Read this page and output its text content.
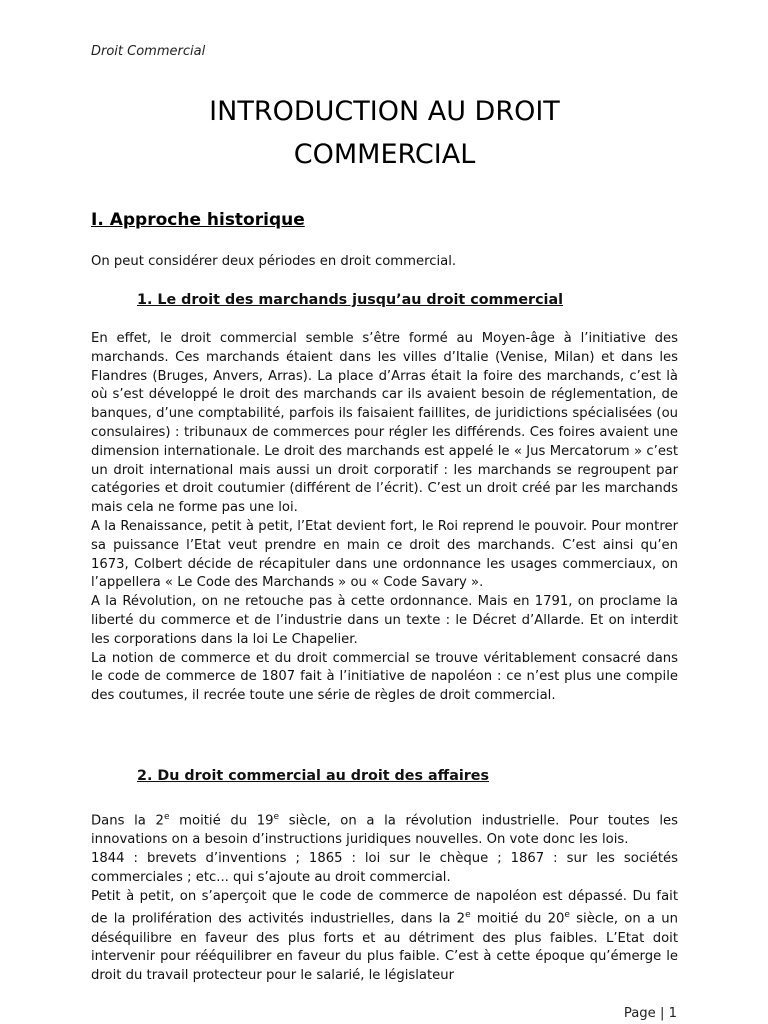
Droit Commercial
INTRODUCTION AU DROIT
COMMERCIAL
I. Approche historique

On peut considérer deux périodes en droit commercial.

1. Le droit des marchands jusqu’au droit commercial

En effet, le droit commercial semble s’être formé au Moyen-âge à l’initiative des marchands. Ces marchands étaient dans les villes d’Italie (Venise, Milan) et dans les Flandres (Bruges, Anvers, Arras). La place d’Arras était la foire des marchands, c’est là où s’est développé le droit des marchands car ils avaient besoin de réglementation, de banques, d’une comptabilité, parfois ils faisaient faillites, de juridictions spécialisées (ou consulaires) : tribunaux de commerces pour régler les différends. Ces foires avaient une dimension internationale. Le droit des marchands est appelé le « Jus Mercatorum » c’est un droit international mais aussi un droit corporatif : les marchands se regroupent par catégories et droit coutumier (différent de l’écrit). C’est un droit créé par les marchands mais cela ne forme pas une loi.

A la Renaissance, petit à petit, l’Etat devient fort, le Roi reprend le pouvoir. Pour montrer sa puissance l’Etat veut prendre en main ce droit des marchands. C’est ainsi qu’en 1673, Colbert décide de récapituler dans une ordonnance les usages commerciaux, on l’appellera « Le Code des Marchands » ou « Code Savary ».

A la Révolution, on ne retouche pas à cette ordonnance. Mais en 1791, on proclame la liberté du commerce et de l’industrie dans un texte : le Décret d’Allarde. Et on interdit les corporations dans la loi Le Chapelier.

La notion de commerce et du droit commercial se trouve véritablement consacré dans le code de commerce de 1807 fait à l’initiative de napoléon : ce n’est plus une compile des coutumes, il recrée toute une série de règles de droit commercial.

2. Du droit commercial au droit des affaires

Dans la 2e moitié du 19e siècle, on a la révolution industrielle. Pour toutes les innovations on a besoin d’instructions juridiques nouvelles. On vote donc les lois.

1844 : brevets d’inventions ; 1865 : loi sur le chèque ; 1867 : sur les sociétés commerciales ; etc... qui s’ajoute au droit commercial.

Petit à petit, on s’aperçoit que le code de commerce de napoléon est dépassé. Du fait de la prolifération des activités industrielles, dans la 2e moitié du 20e siècle, on a un déséquilibre en faveur des plus forts et au détriment des plus faibles. L’Etat doit intervenir pour rééquilibrer en faveur du plus faible. C’est à cette époque qu’émerge le droit du travail protecteur pour le salarié, le législateur

Page | 1
